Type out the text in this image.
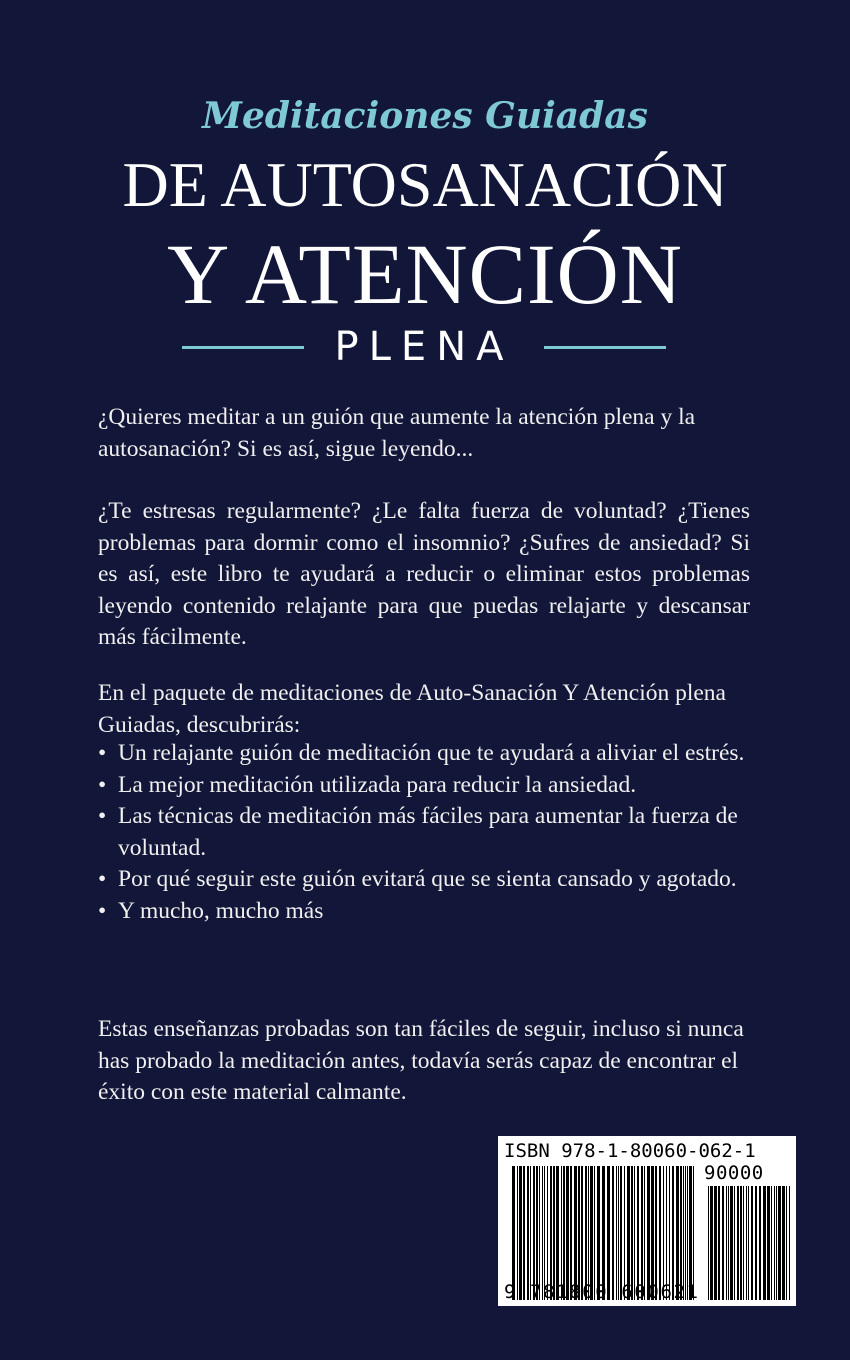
Meditaciones Guiadas
DE AUTOSANACIÓN
Y ATENCIÓN
PLENA
¿Quieres meditar a un guión que aumente la atención plena y la autosanación? Si es así, sigue leyendo...
¿Te estresas regularmente? ¿Le falta fuerza de voluntad? ¿Tienes problemas para dormir como el insomnio? ¿Sufres de ansiedad? Si es así, este libro te ayudará a reducir o eliminar estos problemas leyendo contenido relajante para que puedas relajarte y descansar más fácilmente.
En el paquete de meditaciones de Auto-Sanación Y Atención plena Guiadas, descubrirás:
• Un relajante guión de meditación que te ayudará a aliviar el estrés.
• La mejor meditación utilizada para reducir la ansiedad.
• Las técnicas de meditación más fáciles para aumentar la fuerza de voluntad.
• Por qué seguir este guión evitará que se sienta cansado y agotado.
• Y mucho, mucho más
Estas enseñanzas probadas son tan fáciles de seguir, incluso si nunca has probado la meditación antes, todavía serás capaz de encontrar el éxito con este material calmante.
ISBN 978-1-80060-062-1
90000
9 781800 600621
